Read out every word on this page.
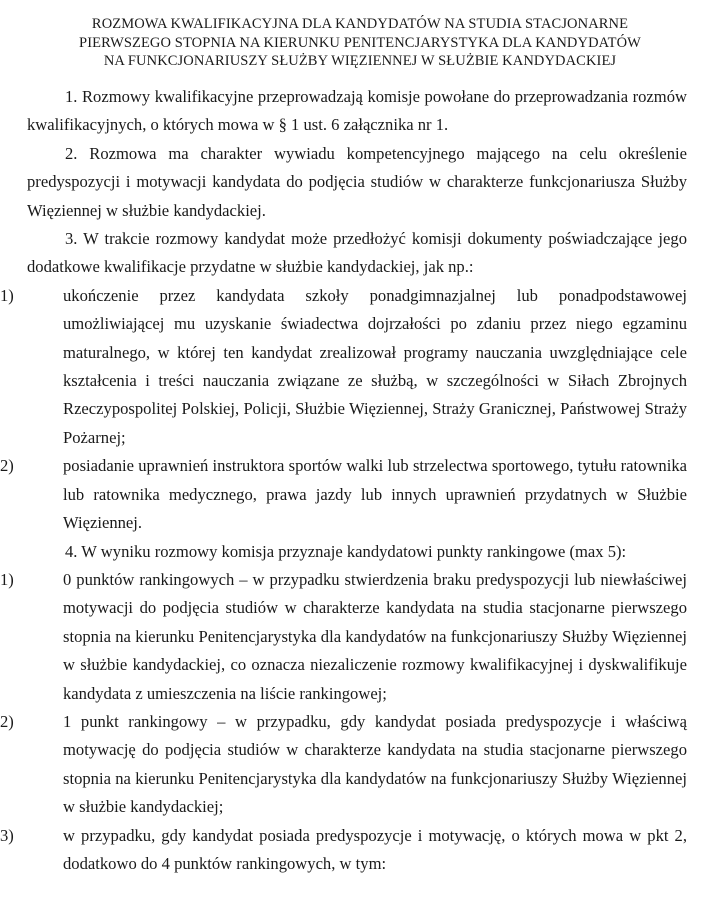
ROZMOWA KWALIFIKACYJNA DLA KANDYDATÓW NA STUDIA STACJONARNE
PIERWSZEGO STOPNIA NA KIERUNKU PENITENCJARYSTYKA DLA KANDYDATÓW
NA FUNKCJONARIUSZY SŁUŻBY WIĘZIENNEJ W SŁUŻBIE KANDYDACKIEJ

1. Rozmowy kwalifikacyjne przeprowadzają komisje powołane do przeprowadzania rozmów kwalifikacyjnych, o których mowa w § 1 ust. 6 załącznika nr 1.

2. Rozmowa ma charakter wywiadu kompetencyjnego mającego na celu określenie predyspozycji i motywacji kandydata do podjęcia studiów w charakterze funkcjonariusza Służby Więziennej w służbie kandydackiej.

3. W trakcie rozmowy kandydat może przedłożyć komisji dokumenty poświadczające jego dodatkowe kwalifikacje przydatne w służbie kandydackiej, jak np.:

1)	ukończenie przez kandydata szkoły ponadgimnazjalnej lub ponadpodstawowej umożliwiającej mu uzyskanie świadectwa dojrzałości po zdaniu przez niego egzaminu maturalnego, w której ten kandydat zrealizował programy nauczania uwzględniające cele kształcenia i treści nauczania związane ze służbą, w szczególności w Siłach Zbrojnych Rzeczypospolitej Polskiej, Policji, Służbie Więziennej, Straży Granicznej, Państwowej Straży Pożarnej;
2)	posiadanie uprawnień instruktora sportów walki lub strzelectwa sportowego, tytułu ratownika lub ratownika medycznego, prawa jazdy lub innych uprawnień przydatnych w Służbie Więziennej.

4. W wyniku rozmowy komisja przyznaje kandydatowi punkty rankingowe (max 5):

1)	0 punktów rankingowych – w przypadku stwierdzenia braku predyspozycji lub niewłaściwej motywacji do podjęcia studiów w charakterze kandydata na studia stacjonarne pierwszego stopnia na kierunku Penitencjarystyka dla kandydatów na funkcjonariuszy Służby Więziennej w służbie kandydackiej, co oznacza niezaliczenie rozmowy kwalifikacyjnej i dyskwalifikuje kandydata z umieszczenia na liście rankingowej;
2)	1 punkt rankingowy – w przypadku, gdy kandydat posiada predyspozycje i właściwą motywację do podjęcia studiów w charakterze kandydata na studia stacjonarne pierwszego stopnia na kierunku Penitencjarystyka dla kandydatów na funkcjonariuszy Służby Więziennej w służbie kandydackiej;
3)	w przypadku, gdy kandydat posiada predyspozycje i motywację, o których mowa w pkt 2, dodatkowo do 4 punktów rankingowych, w tym:
